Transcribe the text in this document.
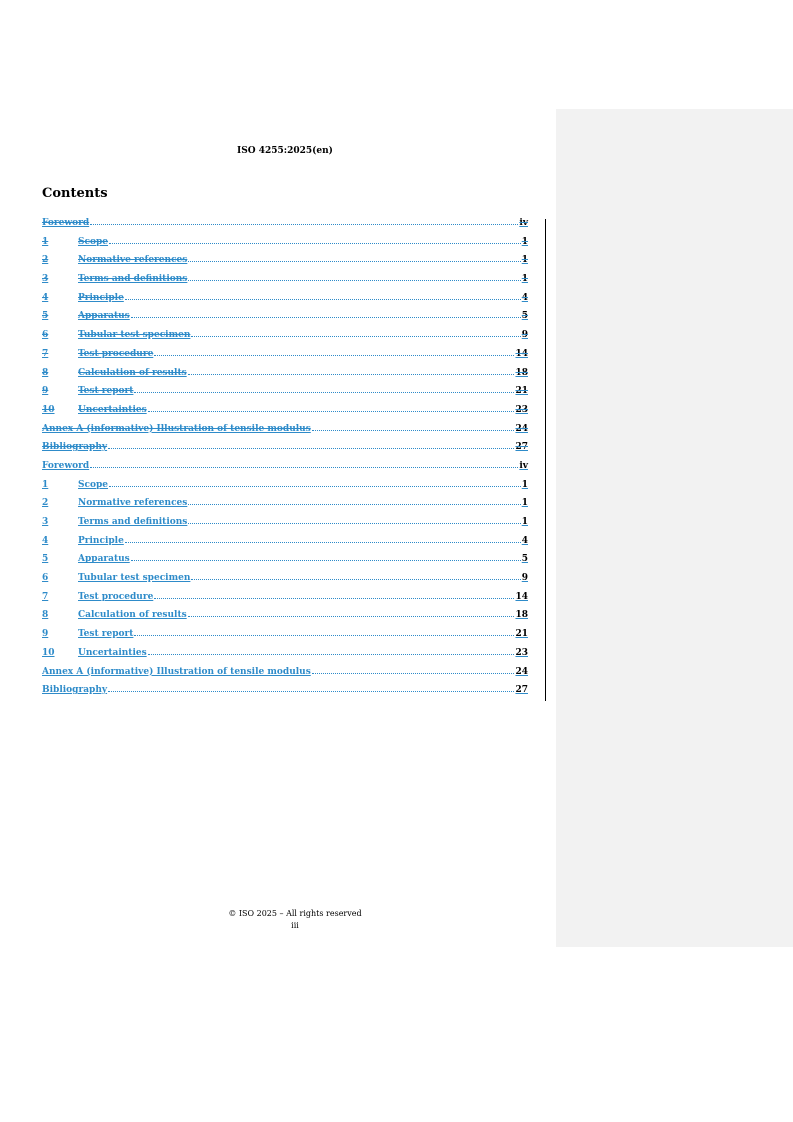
ISO 4255:2025(en)
Contents
Foreword	iv
1	Scope	1
2	Normative references	1
3	Terms and definitions	1
4	Principle	4
5	Apparatus	5
6	Tubular test specimen	9
7	Test procedure	14
8	Calculation of results	18
9	Test report	21
10	Uncertainties	23
Annex A (informative) Illustration of tensile modulus	24
Bibliography	27
Foreword	iv
1	Scope	1
2	Normative references	1
3	Terms and definitions	1
4	Principle	4
5	Apparatus	5
6	Tubular test specimen	9
7	Test procedure	14
8	Calculation of results	18
9	Test report	21
10	Uncertainties	23
Annex A (informative) Illustration of tensile modulus	24
Bibliography	27
© ISO 2025 – All rights reserved
iii
